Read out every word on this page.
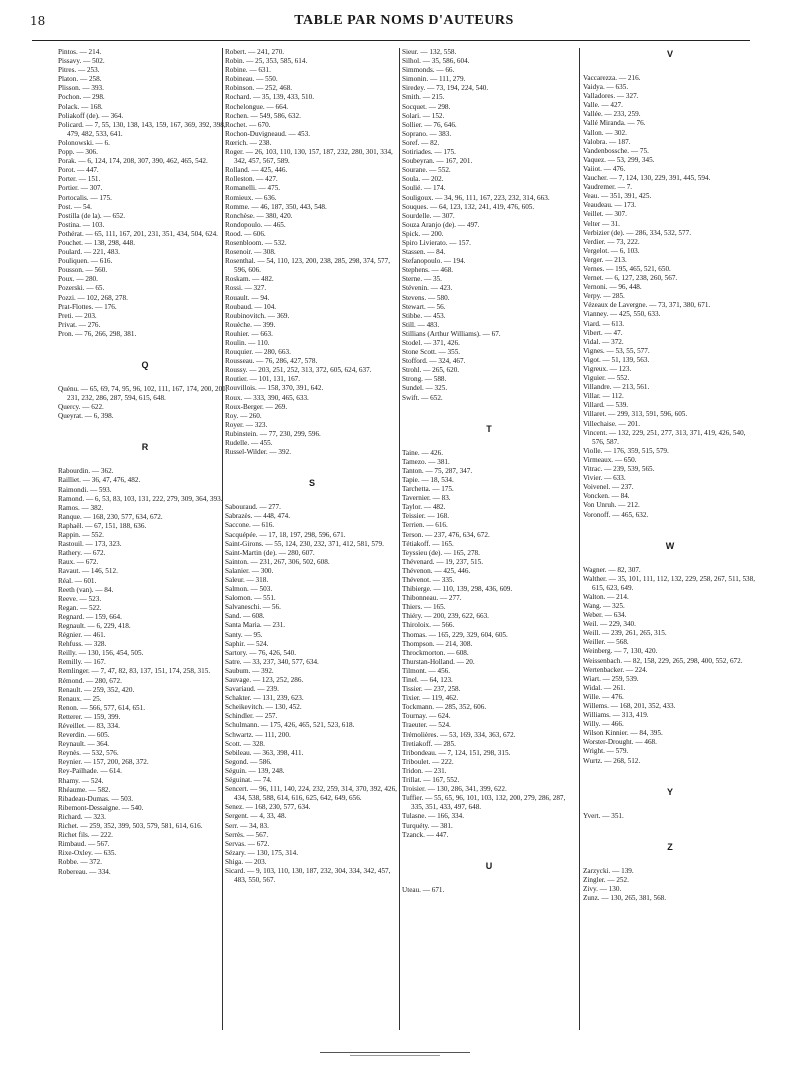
18	TABLE PAR NOMS D'AUTEURS
Pintos. — 214.
Pissavy. — 502.
Pitres. — 253.
Platon. — 258.
Plisson. — 393.
Pochon. — 298.
Polack. — 168.
Poliakoff (de). — 364.
Policard. — 7, 55, 130, 138, 143, 159, 167, 369, 392, 398, 479, 482, 533, 641.
Polonowski. — 6.
Popp. — 306.
Porak. — 6, 124, 174, 208, 307, 390, 462, 465, 542.
Porot. — 447.
Porter. — 151.
Portier. — 307.
Portocalis. — 175.
Post. — 54.
Postilla (de la). — 652.
Postina. — 103.
Pothérat. — 65, 111, 167, 201, 231, 351, 434, 504, 624.
Pouchet. — 138, 298, 448.
Poulard. — 221, 483.
Pouliquen. — 616.
Pousson. — 560.
Poux. — 280.
Pozerski. — 65.
Pozzi. — 102, 268, 278.
Prat-Flottes. — 176.
Preti. — 203.
Privat. — 276.
Pron. — 76, 266, 298, 381.
Q
Quénu. — 65, 69, 74, 95, 96, 102, 111, 167, 174, 200, 201, 231, 232, 286, 287, 594, 615, 648.
Quercy. — 622.
Queyrat. — 6, 398.
R
Rabourdin. — 362.
Railliet. — 36, 47, 476, 482.
Raimondi. — 593.
Ramond. — 6, 53, 83, 103, 131, 222, 279, 309, 364, 393.
Ramos. — 382.
Ranque. — 168, 230, 577, 634, 672.
Raphaël. — 67, 151, 188, 636.
Rappin. — 552.
Rastouil. — 173, 323.
Rathery. — 672.
Raux. — 672.
Ravaut. — 146, 512.
Réal. — 601.
Reeth (van). — 84.
Reeve. — 523.
Regan. — 522.
Regnard. — 159, 664.
Regnault. — 6, 229, 418.
Régnier. — 461.
Rehfuss. — 328.
Reilly. — 130, 156, 454, 505.
Remilly. — 167.
Remlinger. — 7, 47, 82, 83, 137, 151, 174, 258, 315.
Rémond. — 280, 672.
Renault. — 259, 352, 420.
Renaux. — 25.
Renon. — 566, 577, 614, 651.
Retterer. — 159, 399.
Réveillet. — 83, 334.
Reverdin. — 605.
Reynault. — 364.
Reynès. — 532, 576.
Reynier. — 157, 200, 268, 372.
Rey-Pailhade. — 614.
Rhamy. — 524.
Rhéaume. — 582.
Ribadeau-Dumas. — 503.
Ribemont-Dessaigne. — 540.
Richard. — 323.
Richet. — 259, 352, 399, 503, 579, 581, 614, 616.
Richet fils. — 222.
Rimbaud. — 567.
Rixe-Oxley. — 635.
Robbe. — 372.
Robereau. — 334.
Robert. — 241, 270.
Robin. — 25, 353, 585, 614.
Robine. — 631.
Robineau. — 550.
Robinson. — 252, 468.
Rochard. — 35, 139, 433, 510.
Rochelongue. — 664.
Rochen. — 549, 586, 632.
Rochet. — 670.
Rochon-Duvigneaud. — 453.
Rœrich. — 238.
Roger. — 26, 103, 110, 130, 157, 187, 232, 280, 301, 334, 342, 457, 567, 589.
Rolland. — 425, 446.
Rolleston. — 427.
Romanelli. — 475.
Romieux. — 636.
Romme. — 46, 187, 350, 443, 548.
Ronchèse. — 380, 420.
Rondopoulo. — 465.
Rood. — 606.
Rosenbloom. — 532.
Rosenoir. — 308.
Rosenthal. — 54, 110, 123, 200, 238, 285, 298, 374, 577, 596, 606.
Roskam. — 482.
Rossi. — 327.
Rouault. — 94.
Roubaud. — 104.
Roubinovitch. — 369.
Rouèche. — 399.
Rouhier. — 663.
Roulin. — 110.
Rouquier. — 280, 663.
Rousseau. — 76, 286, 427, 578.
Roussy. — 203, 251, 252, 313, 372, 605, 624, 637.
Routier. — 101, 131, 167.
Rouvillois. — 158, 370, 391, 642.
Roux. — 333, 390, 465, 633.
Roux-Berger. — 269.
Roy. — 260.
Royer. — 323.
Rubinstein. — 77, 230, 299, 596.
Rudelle. — 455.
Russel-Wilder. — 392.
S
Sabouraud. — 277.
Sabrazès. — 448, 474.
Saccone. — 616.
Sacquépée. — 17, 18, 197, 298, 596, 671.
Saint-Girons. — 55, 124, 230, 232, 371, 412, 581, 579.
Saint-Martin (de). — 280, 607.
Sainton. — 231, 267, 306, 502, 608.
Salanier. — 300.
Saleur. — 318.
Salmon. — 503.
Salomon. — 551.
Salvaneschi. — 56.
Sand. — 608.
Santa Maria. — 231.
Santy. — 95.
Saphir. — 524.
Sartory. — 76, 426, 540.
Satre. — 33, 237, 340, 577, 634.
Saubum. — 392.
Sauvage. — 123, 252, 286.
Savariaud. — 239.
Schakter. — 131, 239, 623.
Scheikevitch. — 130, 452.
Schindler. — 257.
Schulmann. — 175, 426, 465, 521, 523, 618.
Schwartz. — 111, 200.
Scott. — 328.
Sebileau. — 363, 398, 411.
Segond. — 586.
Séguin. — 139, 248.
Séguinat. — 74.
Sencert. — 96, 111, 140, 224, 232, 259, 314, 370, 392, 426, 434, 538, 588, 614, 616, 625, 642, 649, 656.
Senez. — 168, 230, 577, 634.
Sergent. — 4, 33, 48.
Serr. — 34, 83.
Serrès. — 567.
Servas. — 672.
Sézary. — 130, 175, 314.
Shiga. — 203.
Sicard. — 9, 103, 110, 130, 187, 232, 304, 334, 342, 457, 483, 550, 567.
Sieur. — 132, 558.
Silhol. — 35, 586, 604.
Simmonds. — 66.
Simonin. — 111, 279.
Siredey. — 73, 194, 224, 540.
Smith. — 215.
Socquet. — 298.
Solari. — 152.
Sollier. — 76, 646.
Soprano. — 383.
Soref. — 82.
Sotiriades. — 175.
Soubeyran. — 167, 201.
Sourane. — 552.
Soula. — 202.
Soulié. — 174.
Souligoux. — 34, 96, 111, 167, 223, 232, 314, 663.
Souques. — 64, 123, 132, 241, 419, 476, 605.
Sourdelle. — 307.
Souza Aranjo (de). — 497.
Spick. — 200.
Spiro Livierato. — 157.
Stassen. — 84.
Stefanopoulo. — 194.
Stephens. — 468.
Sterne. — 35.
Stévenin. — 423.
Stevens. — 580.
Stewart. — 56.
Stibbe. — 453.
Still. — 483.
Stillians (Arthur Williams). — 67.
Stodel. — 371, 426.
Stone Scott. — 355.
Stofford. — 324, 467.
Strohl. — 265, 620.
Strong. — 588.
Sundel. — 325.
Swift. — 652.
T
Taine. — 426.
Tamezo. — 381.
Tanton. — 75, 287, 347.
Tapie. — 18, 534.
Tarchetta. — 175.
Tavernier. — 83.
Taylor. — 482.
Teissier. — 168.
Terrien. — 616.
Terson. — 237, 476, 634, 672.
Tétiakoff. — 165.
Teyssieu (de). — 165, 278.
Thévenard. — 19, 237, 515.
Thévenon. — 425, 446.
Thévenot. — 335.
Thibierge. — 110, 139, 298, 436, 609.
Thibonneau. — 277.
Thiers. — 165.
Thiéry. — 200, 239, 622, 663.
Thiroloix. — 566.
Thomas. — 165, 229, 329, 604, 605.
Thompson. — 214, 308.
Throckmorton. — 608.
Thurstan-Holland. — 20.
Tilmont. — 456.
Tinel. — 64, 123.
Tissier. — 237, 258.
Tixier. — 119, 462.
Tockmann. — 285, 352, 606.
Tournay. — 624.
Traeuter. — 524.
Trémolières. — 53, 169, 334, 363, 672.
Tretiakoff. — 285.
Tribondeau. — 7, 124, 151, 298, 315.
Triboulet. — 222.
Tridon. — 231.
Trillat. — 167, 552.
Troisier. — 130, 286, 341, 399, 622.
Tuffier. — 55, 65, 96, 101, 103, 132, 200, 279, 286, 287, 335, 351, 433, 497, 648.
Tulasne. — 166, 334.
Turquéty. — 381.
Tzanck. — 447.
U
Uteau. — 671.
V
Vaccarezza. — 216.
Vaidya. — 635.
Valladores. — 327.
Valle. — 427.
Vallée. — 233, 259.
Vallé Miranda. — 76.
Vallon. — 302.
Valobra. — 187.
Vandenbossche. — 75.
Vaquez. — 53, 299, 345.
Vaiiot. — 476.
Vaucher. — 7, 124, 130, 229, 391, 445, 594.
Vaudremer. — 7.
Veau. — 351, 391, 425.
Veaudeau. — 173.
Veillet. — 307.
Velter — 31.
Verbizier (de). — 286, 334, 532, 577.
Verdier. — 73, 222.
Vergelot. — 6, 103.
Verger. — 213.
Vernes. — 195, 465, 521, 650.
Vernet. — 6, 127, 238, 260, 567.
Vernoni. — 96, 448.
Verpy. — 285.
Vézeaux de Lavergne. — 73, 371, 380, 671.
Vianney. — 425, 550, 633.
Viard. — 613.
Vibert. — 47.
Vidal. — 372.
Vignes. — 53, 55, 577.
Vigot. — 51, 139, 563.
Vigreux. — 123.
Viguier. — 552.
Villandre. — 213, 561.
Villar. — 112.
Villard. — 539.
Villaret. — 299, 313, 591, 596, 605.
Villechaise. — 201.
Vincent. — 132, 229, 251, 277, 313, 371, 419, 426, 540, 576, 587.
Violle. — 176, 359, 515, 579.
Virmeaux. — 650.
Vitrac. — 239, 539, 565.
Vivier. — 633.
Voivenel. — 237.
Voncken. — 84.
Von Unruh. — 212.
Voronoff. — 465, 632.
W
Wagner. — 82, 307.
Walther. — 35, 101, 111, 112, 132, 229, 258, 267, 511, 538, 615, 623, 649.
Walton. — 214.
Wang. — 325.
Weber. — 634.
Weil. — 229, 340.
Weill. — 239, 261, 265, 315.
Weiller. — 568.
Weinberg. — 7, 130, 420.
Weissenbach. — 82, 158, 229, 265, 298, 400, 552, 672.
Wertenbacker. — 224.
Wiart. — 259, 539.
Widal. — 261.
Wille. — 476.
Willems. — 168, 201, 352, 433.
Williams. — 313, 419.
Willy. — 466.
Wilson Kinnier. — 84, 395.
Worster-Drought. — 468.
Wright. — 579.
Wurtz. — 268, 512.
Y
Yvert. — 351.
Z
Zarzycki. — 139.
Zingler. — 252.
Zivy. — 130.
Zunz. — 130, 265, 381, 568.
